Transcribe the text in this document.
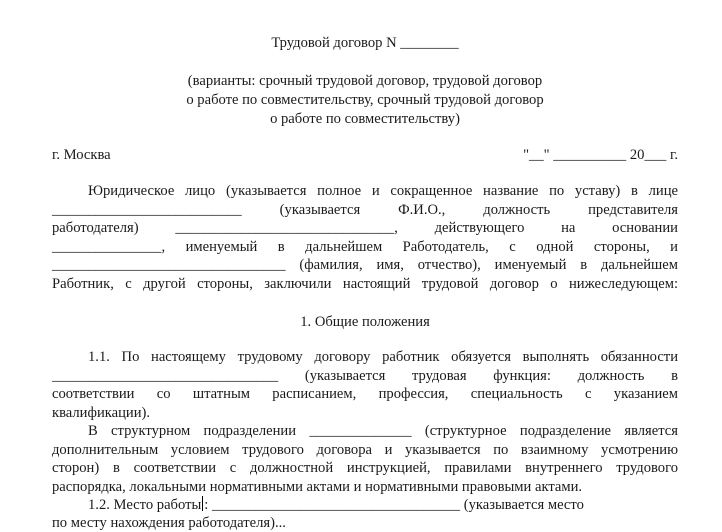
Трудовой договор N ________
(варианты: срочный трудовой договор, трудовой договор
о работе по совместительству, срочный трудовой договор
о работе по совместительству)
г. Москва	"__" __________ 20___ г.
Юридическое лицо (указывается полное и сокращенное название по уставу) в лице
__________________________ (указывается Ф.И.О., должность представителя
работодателя) ______________________________, действующего на основании
_______________, именуемый в дальнейшем Работодатель, с одной стороны, и
________________________________ (фамилия, имя, отчество), именуемый в дальнейшем
Работник, с другой стороны, заключили настоящий трудовой договор о нижеследующем:
1. Общие положения
1.1. По настоящему трудовому договору работник обязуется выполнять обязанности
_______________________________ (указывается трудовая функция: должность в
соответствии со штатным расписанием, профессия, специальность с указанием
квалификации).
В структурном подразделении ______________ (структурное подразделение является
дополнительным условием трудового договора и указывается по взаимному усмотрению
сторон) в соответствии с должностной инструкцией, правилами внутреннего трудового
распорядка, локальными нормативными актами и нормативными правовыми актами.
1.2. Место работы : __________________________________ (указывается место
по месту нахождения работодателя)...
